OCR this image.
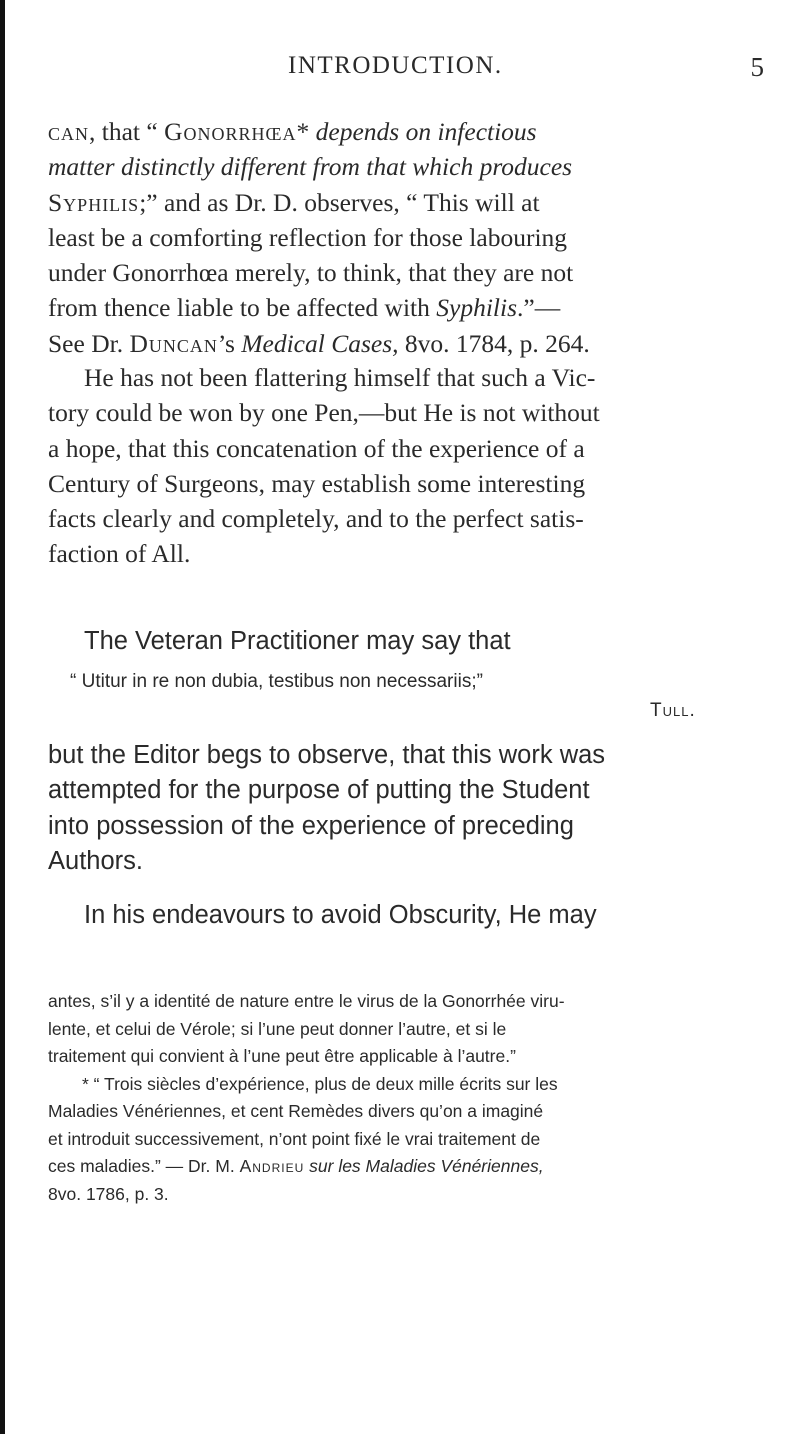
INTRODUCTION.	5
can, that “ Gonorrhœa* depends on infectious
matter distinctly different from that which produces
Syphilis;” and as Dr. D. observes, “ This will at
least be a comforting reflection for those labouring
under Gonorrhœa merely, to think, that they are not
from thence liable to be affected with Syphilis.”—
See Dr. Duncan’s Medical Cases, 8vo. 1784, p. 264.
He has not been flattering himself that such a Vic-
tory could be won by one Pen,—but He is not without
a hope, that this concatenation of the experience of a
Century of Surgeons, may establish some interesting
facts clearly and completely, and to the perfect satis-
faction of All.
The Veteran Practitioner may say that
“ Utitur in re non dubia, testibus non necessariis;”
Tull.
but the Editor begs to observe, that this work was
attempted for the purpose of putting the Student
into possession of the experience of preceding
Authors.
In his endeavours to avoid Obscurity, He may
antes, s’il y a identité de nature entre le virus de la Gonorrhée viru-
lente, et celui de Vérole; si l’une peut donner l’autre, et si le
traitement qui convient à l’une peut être applicable à l’autre.”
* “ Trois siècles d’expérience, plus de deux mille écrits sur les
Maladies Vénériennes, et cent Remèdes divers qu’on a imaginé
et introduit successivement, n’ont point fixé le vrai traitement de
ces maladies.” — Dr. M. Andrieu sur les Maladies Vénériennes,
8vo. 1786, p. 3.
